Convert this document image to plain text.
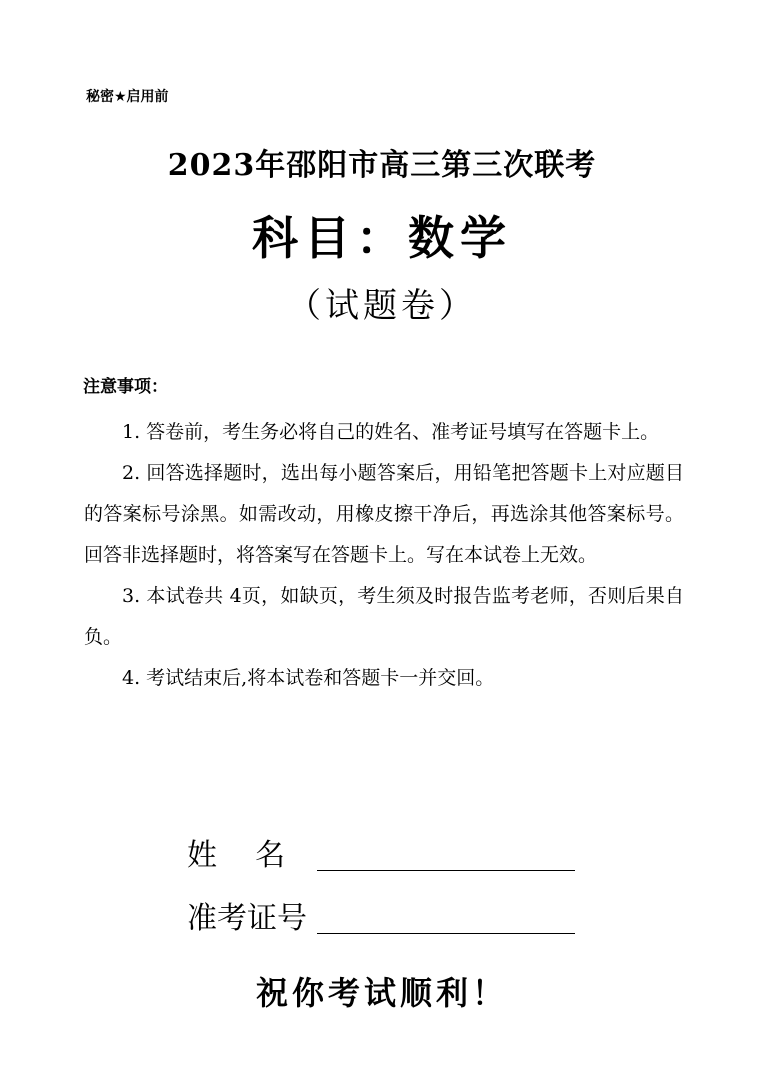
秘密★启用前
2023年邵阳市高三第三次联考
科目：数学
（试题卷）
注意事项：

1. 答卷前，考生务必将自己的姓名、准考证号填写在答题卡上。

2. 回答选择题时，选出每小题答案后，用铅笔把答题卡上对应题目的答案标号涂黑。如需改动，用橡皮擦干净后，再选涂其他答案标号。回答非选择题时，将答案写在答题卡上。写在本试卷上无效。

3. 本试卷共 4页，如缺页，考生须及时报告监考老师，否则后果自负。

4. 考试结束后,将本试卷和答题卡一并交回。

姓    名
准考证号
祝你考试顺利！
